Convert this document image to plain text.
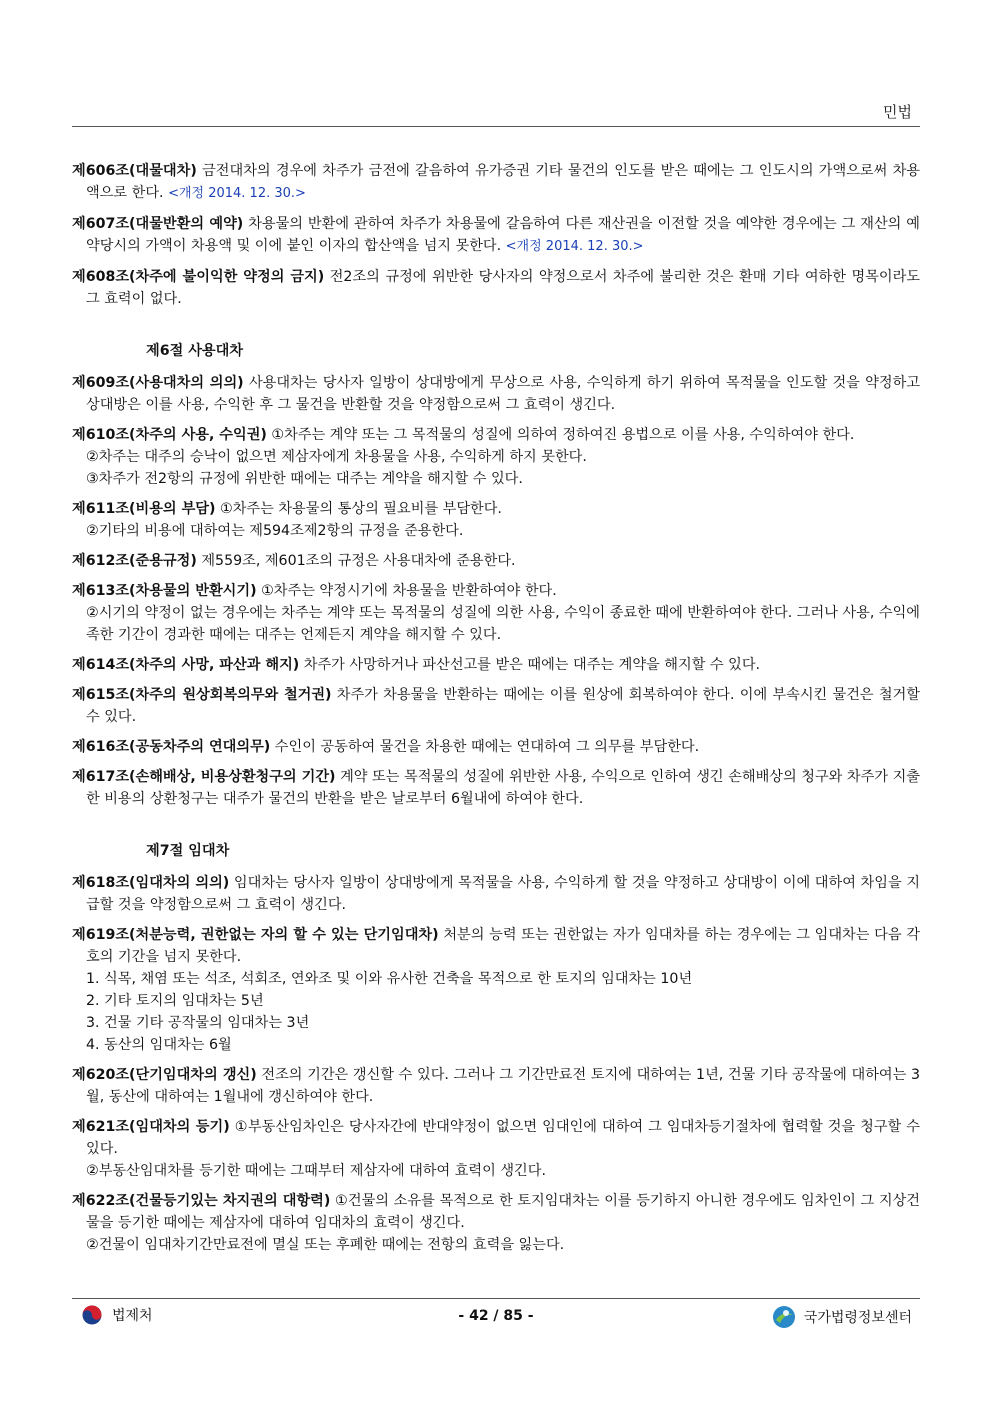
민법
제606조(대물대차) 금전대차의 경우에 차주가 금전에 갈음하여 유가증권 기타 물건의 인도를 받은 때에는 그 인도시의 가액으로써 차용액으로 한다. <개정 2014. 12. 30.>
제607조(대물반환의 예약) 차용물의 반환에 관하여 차주가 차용물에 갈음하여 다른 재산권을 이전할 것을 예약한 경우에는 그 재산의 예약당시의 가액이 차용액 및 이에 붙인 이자의 합산액을 넘지 못한다. <개정 2014. 12. 30.>
제608조(차주에 불이익한 약정의 금지) 전2조의 규정에 위반한 당사자의 약정으로서 차주에 불리한 것은 환매 기타 여하한 명목이라도 그 효력이 없다.
제6절 사용대차
제609조(사용대차의 의의) 사용대차는 당사자 일방이 상대방에게 무상으로 사용, 수익하게 하기 위하여 목적물을 인도할 것을 약정하고 상대방은 이를 사용, 수익한 후 그 물건을 반환할 것을 약정함으로써 그 효력이 생긴다.
제610조(차주의 사용, 수익권) ①차주는 계약 또는 그 목적물의 성질에 의하여 정하여진 용법으로 이를 사용, 수익하여야 한다.
②차주는 대주의 승낙이 없으면 제삼자에게 차용물을 사용, 수익하게 하지 못한다.
③차주가 전2항의 규정에 위반한 때에는 대주는 계약을 해지할 수 있다.
제611조(비용의 부담) ①차주는 차용물의 통상의 필요비를 부담한다.
②기타의 비용에 대하여는 제594조제2항의 규정을 준용한다.
제612조(준용규정) 제559조, 제601조의 규정은 사용대차에 준용한다.
제613조(차용물의 반환시기) ①차주는 약정시기에 차용물을 반환하여야 한다.
②시기의 약정이 없는 경우에는 차주는 계약 또는 목적물의 성질에 의한 사용, 수익이 종료한 때에 반환하여야 한다. 그러나 사용, 수익에 족한 기간이 경과한 때에는 대주는 언제든지 계약을 해지할 수 있다.
제614조(차주의 사망, 파산과 해지) 차주가 사망하거나 파산선고를 받은 때에는 대주는 계약을 해지할 수 있다.
제615조(차주의 원상회복의무와 철거권) 차주가 차용물을 반환하는 때에는 이를 원상에 회복하여야 한다. 이에 부속시킨 물건은 철거할 수 있다.
제616조(공동차주의 연대의무) 수인이 공동하여 물건을 차용한 때에는 연대하여 그 의무를 부담한다.
제617조(손해배상, 비용상환청구의 기간) 계약 또는 목적물의 성질에 위반한 사용, 수익으로 인하여 생긴 손해배상의 청구와 차주가 지출한 비용의 상환청구는 대주가 물건의 반환을 받은 날로부터 6월내에 하여야 한다.
제7절 임대차
제618조(임대차의 의의) 임대차는 당사자 일방이 상대방에게 목적물을 사용, 수익하게 할 것을 약정하고 상대방이 이에 대하여 차임을 지급할 것을 약정함으로써 그 효력이 생긴다.
제619조(처분능력, 권한없는 자의 할 수 있는 단기임대차) 처분의 능력 또는 권한없는 자가 임대차를 하는 경우에는 그 임대차는 다음 각호의 기간을 넘지 못한다.
1. 식목, 채염 또는 석조, 석회조, 연와조 및 이와 유사한 건축을 목적으로 한 토지의 임대차는 10년
2. 기타 토지의 임대차는 5년
3. 건물 기타 공작물의 임대차는 3년
4. 동산의 임대차는 6월
제620조(단기임대차의 갱신) 전조의 기간은 갱신할 수 있다. 그러나 그 기간만료전 토지에 대하여는 1년, 건물 기타 공작물에 대하여는 3월, 동산에 대하여는 1월내에 갱신하여야 한다.
제621조(임대차의 등기) ①부동산임차인은 당사자간에 반대약정이 없으면 임대인에 대하여 그 임대차등기절차에 협력할 것을 청구할 수 있다.
②부동산임대차를 등기한 때에는 그때부터 제삼자에 대하여 효력이 생긴다.
제622조(건물등기있는 차지권의 대항력) ①건물의 소유를 목적으로 한 토지임대차는 이를 등기하지 아니한 경우에도 임차인이 그 지상건물을 등기한 때에는 제삼자에 대하여 임대차의 효력이 생긴다.
②건물이 임대차기간만료전에 멸실 또는 후폐한 때에는 전항의 효력을 잃는다.
법제처	- 42 / 85 -	국가법령정보센터
